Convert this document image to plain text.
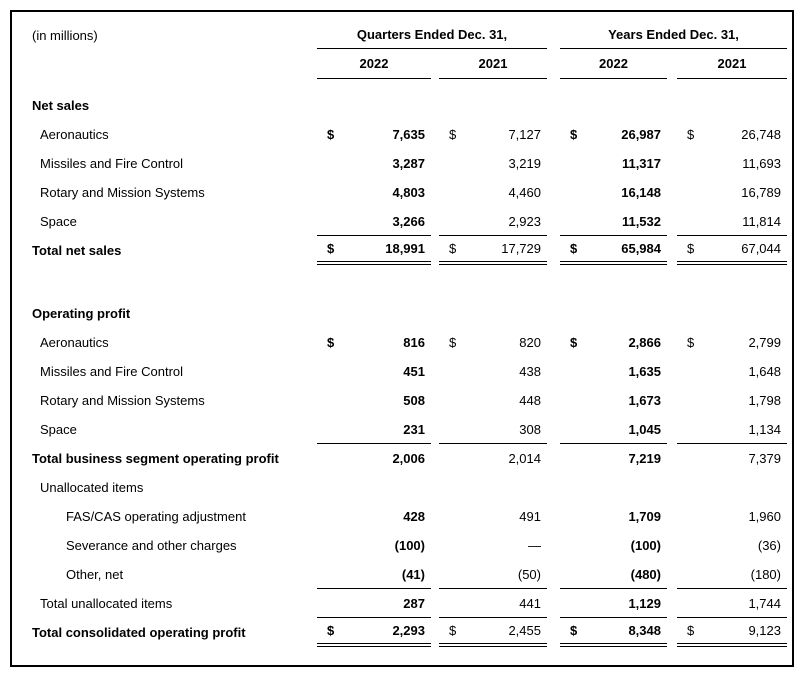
(in millions)	Quarters Ended Dec. 31,	Years Ended Dec. 31,
2022	2021	2022	2021
Net sales
Aeronautics	$	7,635 $	7,127 $	26,987 $	26,748
Missiles and Fire Control	3,287	3,219	11,317	11,693
Rotary and Mission Systems	4,803	4,460	16,148	16,789
Space	3,266	2,923	11,532	11,814
Total net sales	$	18,991 $	17,729 $	65,984 $	67,044
Operating profit
Aeronautics	$	816 $	820 $	2,866 $	2,799
Missiles and Fire Control	451	438	1,635	1,648
Rotary and Mission Systems	508	448	1,673	1,798
Space	231	308	1,045	1,134
Total business segment operating profit	2,006	2,014	7,219	7,379
Unallocated items
FAS/CAS operating adjustment	428	491	1,709	1,960
Severance and other charges	(100)	—	(100)	(36)
Other, net	(41)	(50)	(480)	(180)
Total unallocated items	287	441	1,129	1,744
Total consolidated operating profit	$	2,293 $	2,455 $	8,348 $	9,123
